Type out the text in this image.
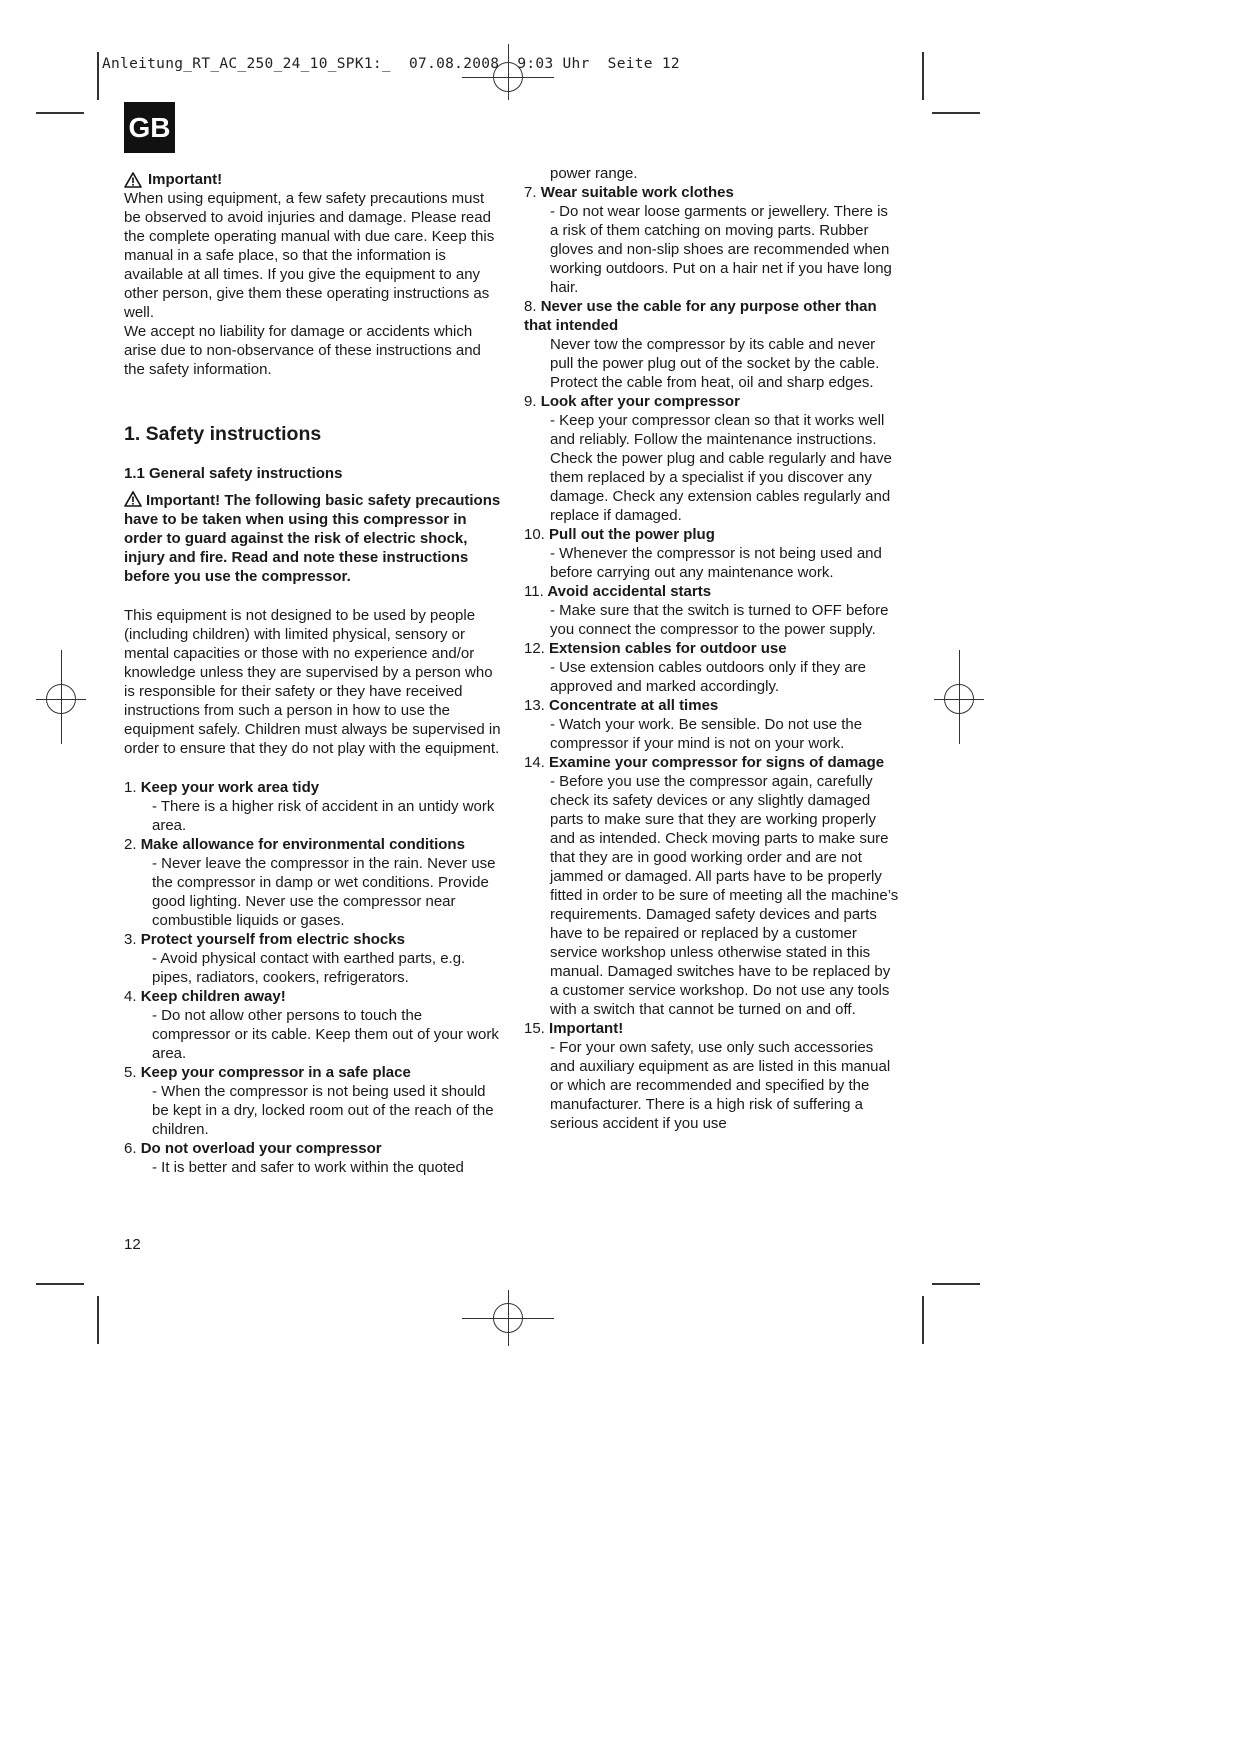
Anleitung_RT_AC_250_24_10_SPK1:_  07.08.2008  9:03 Uhr  Seite 12
GB
Important!

When using equipment, a few safety precautions must be observed to avoid injuries and damage. Please read the complete operating manual with due care. Keep this manual in a safe place, so that the information is available at all times. If you give the equipment to any other person, give them these operating instructions as well.

We accept no liability for damage or accidents which arise due to non-observance of these instructions and the safety information.

1. Safety instructions
1.1 General safety instructions
Important! The following basic safety precautions have to be taken when using this compressor in order to guard against the risk of electric shock, injury and fire. Read and note these instructions before you use the compressor.

This equipment is not designed to be used by people (including children) with limited physical, sensory or mental capacities or those with no experience and/or knowledge unless they are supervised by a person who is responsible for their safety or they have received instructions from such a person in how to use the equipment safely. Children must always be supervised in order to ensure that they do not play with the equipment.

1. Keep your work area tidy
- There is a higher risk of accident in an untidy work area.
2. Make allowance for environmental conditions
- Never leave the compressor in the rain. Never use the compressor in damp or wet conditions. Provide good lighting. Never use the compressor near combustible liquids or gases.
3. Protect yourself from electric shocks
- Avoid physical contact with earthed parts, e.g. pipes, radiators, cookers, refrigerators.
4. Keep children away!
- Do not allow other persons to touch the compressor or its cable. Keep them out of your work area.
5. Keep your compressor in a safe place
- When the compressor is not being used it should be kept in a dry, locked room out of the reach of the children.
6. Do not overload your compressor
- It is better and safer to work within the quoted
power range.
7. Wear suitable work clothes
- Do not wear loose garments or jewellery. There is a risk of them catching on moving parts. Rubber gloves and non-slip shoes are recommended when working outdoors. Put on a hair net if you have long hair.
8. Never use the cable for any purpose other than that intended
Never tow the compressor by its cable and never pull the power plug out of the socket by the cable. Protect the cable from heat, oil and sharp edges.
9. Look after your compressor
- Keep your compressor clean so that it works well and reliably. Follow the maintenance instructions. Check the power plug and cable regularly and have them replaced by a specialist if you discover any damage. Check any extension cables regularly and replace if damaged.
10. Pull out the power plug
- Whenever the compressor is not being used and before carrying out any maintenance work.
11. Avoid accidental starts
- Make sure that the switch is turned to OFF before you connect the compressor to the power supply.
12. Extension cables for outdoor use
- Use extension cables outdoors only if they are approved and marked accordingly.
13. Concentrate at all times
- Watch your work. Be sensible. Do not use the compressor if your mind is not on your work.
14. Examine your compressor for signs of damage
- Before you use the compressor again, carefully check its safety devices or any slightly damaged parts to make sure that they are working properly and as intended. Check moving parts to make sure that they are in good working order and are not jammed or damaged. All parts have to be properly fitted in order to be sure of meeting all the machine’s requirements. Damaged safety devices and parts have to be repaired or replaced by a customer service workshop unless otherwise stated in this manual. Damaged switches have to be replaced by a customer service workshop. Do not use any tools with a switch that cannot be turned on and off.
15. Important!
- For your own safety, use only such accessories and auxiliary equipment as are listed in this manual or which are recommended and specified by the manufacturer. There is a high risk of suffering a serious accident if you use
12
